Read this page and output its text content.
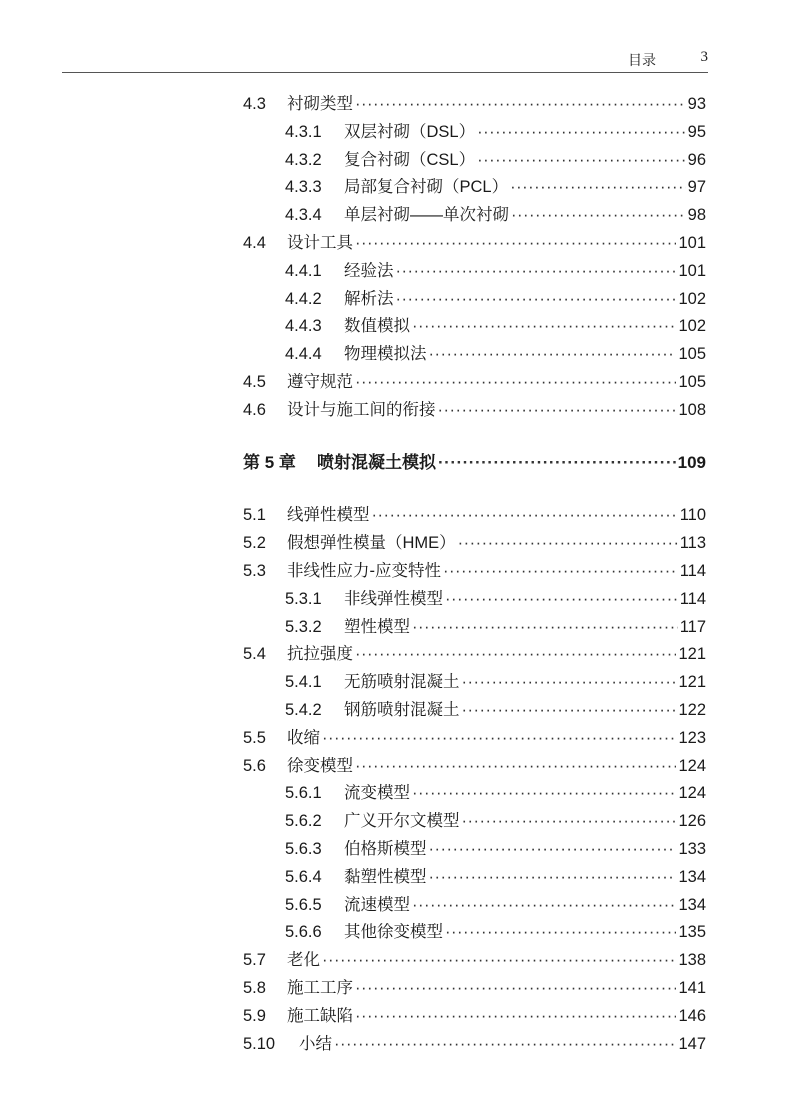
目录	3
4.3 衬砌类型 ·····	93
4.3.1 双层衬砌（DSL） ·····	95
4.3.2 复合衬砌（CSL） ·····	96
4.3.3 局部复合衬砌（PCL） ·····	97
4.3.4 单层衬砌——单次衬砌 ·····	98
4.4 设计工具 ·····	101
4.4.1 经验法 ·····	101
4.4.2 解析法 ·····	102
4.4.3 数值模拟 ·····	102
4.4.4 物理模拟法 ·····	105
4.5 遵守规范 ·····	105
4.6 设计与施工间的衔接 ·····	108
第 5 章 喷射混凝土模拟 ·····	109
5.1 线弹性模型 ·····	110
5.2 假想弹性模量（HME） ·····	113
5.3 非线性应力-应变特性 ·····	114
5.3.1 非线弹性模型 ·····	114
5.3.2 塑性模型 ·····	117
5.4 抗拉强度 ·····	121
5.4.1 无筋喷射混凝土 ·····	121
5.4.2 钢筋喷射混凝土 ·····	122
5.5 收缩 ·····	123
5.6 徐变模型 ·····	124
5.6.1 流变模型 ·····	124
5.6.2 广义开尔文模型 ·····	126
5.6.3 伯格斯模型 ·····	133
5.6.4 黏塑性模型 ·····	134
5.6.5 流速模型 ·····	134
5.6.6 其他徐变模型 ·····	135
5.7 老化 ·····	138
5.8 施工工序 ·····	141
5.9 施工缺陷 ·····	146
5.10 小结 ·····	147
